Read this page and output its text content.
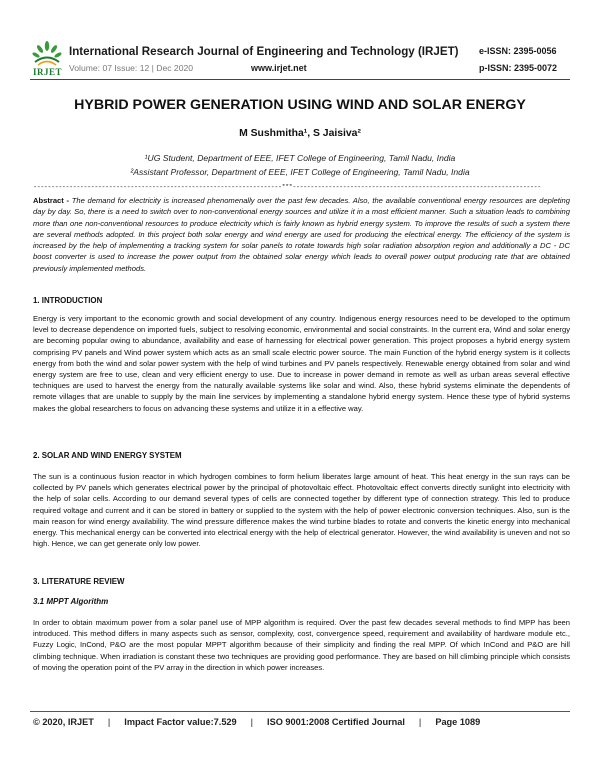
IRJET
International Research Journal of Engineering and Technology (IRJET)
Volume: 07 Issue: 12 | Dec 2020	www.irjet.net
e-ISSN: 2395-0056
p-ISSN: 2395-0072
HYBRID POWER GENERATION USING WIND AND SOLAR ENERGY
M Sushmitha¹, S Jaisiva²
¹UG Student, Department of EEE, IFET College of Engineering, Tamil Nadu, India
²Assistant Professor, Department of EEE, IFET College of Engineering, Tamil Nadu, India
---------------------------------------------------------------------***---------------------------------------------------------------------
Abstract - The demand for electricity is increased phenomenally over the past few decades. Also, the available conventional energy resources are depleting day by day. So, there is a need to switch over to non-conventional energy sources and utilize it in a most efficient manner. Such a situation leads to combining more than one non-conventional resources to produce electricity which is fairly known as hybrid energy system. To improve the results of such a system there are several methods adopted. In this project both solar energy and wind energy are used for producing the electrical energy. The efficiency of the system is increased by the help of implementing a tracking system for solar panels to rotate towards high solar radiation absorption region and additionally a DC - DC boost converter is used to increase the power output from the obtained solar energy which leads to overall power output producing rate that are obtained previously implemented methods.
1. INTRODUCTION

Energy is very important to the economic growth and social development of any country. Indigenous energy resources need to be developed to the optimum level to decrease dependence on imported fuels, subject to resolving economic, environmental and social constraints. In the current era, Wind and solar energy are becoming popular owing to abundance, availability and ease of harnessing for electrical power generation. This project proposes a hybrid energy system comprising PV panels and Wind power system which acts as an small scale electric power source. The main Function of the hybrid energy system is it collects energy from both the wind and solar power system with the help of wind turbines and PV panels respectively. Renewable energy obtained from solar and wind energy system are free to use, clean and very efficient energy to use. Due to increase in power demand in remote as well as urban areas several effective techniques are used to harvest the energy from the naturally available systems like solar and wind. Also, these hybrid systems eliminate the dependents of remote villages that are unable to supply by the main line services by implementing a standalone hybrid energy system. Hence these type of hybrid systems makes the global researchers to focus on advancing these systems and utilize it in a effective way.

2. SOLAR AND WIND ENERGY SYSTEM

The sun is a continuous fusion reactor in which hydrogen combines to form helium liberates large amount of heat. This heat energy in the sun rays can be collected by PV panels which generates electrical power by the principal of photovoltaic effect. Photovoltaic effect converts directly sunlight into electricity with the help of solar cells. According to our demand several types of cells are connected together by different type of connection strategy. This led to produce required voltage and current and it can be stored in battery or supplied to the system with the help of power electronic conversion techniques. Also, sun is the main reason for wind energy availability. The wind pressure difference makes the wind turbine blades to rotate and converts the kinetic energy into mechanical energy. This mechanical energy can be converted into electrical energy with the help of electrical generator. However, the wind availability is uneven and not so high. Hence, we can get generate only low power.

3. LITERATURE REVIEW
3.1 MPPT Algorithm

In order to obtain maximum power from a solar panel use of MPP algorithm is required. Over the past few decades several methods to find MPP has been introduced. This method differs in many aspects such as sensor, complexity, cost, convergence speed, requirement and availability of hardware module etc., Fuzzy Logic, InCond, P&O are the most popular MPPT algorithm because of their simplicity and finding the real MPP. Of which InCond and P&O are hill climbing technique. When irradiation is constant these two techniques are providing good performance. They are based on hill climbing principle which consists of moving the operation point of the PV array in the direction in which power increases.

© 2020, IRJET | Impact Factor value:7.529 | ISO 9001:2008 Certified Journal | Page 1089
